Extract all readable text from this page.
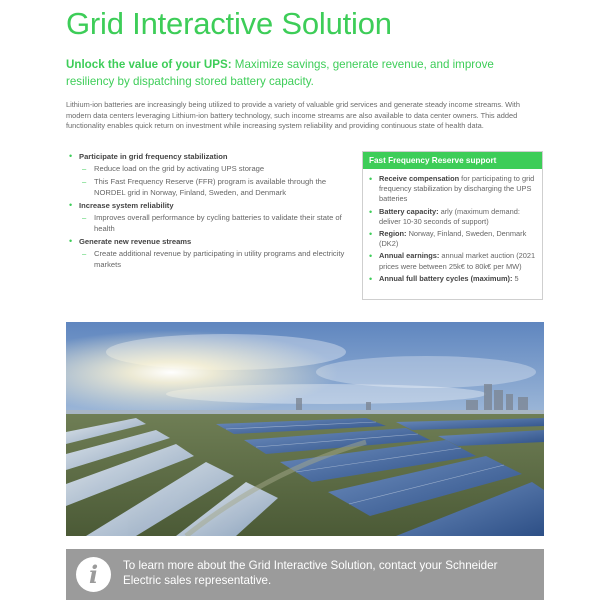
Grid Interactive Solution
Unlock the value of your UPS: Maximize savings, generate revenue, and improve resiliency by dispatching stored battery capacity.

Lithium-ion batteries are increasingly being utilized to provide a variety of valuable grid services and generate steady income streams. With modern data centers leveraging Lithium-ion battery technology, such income streams are also available to data center owners. This added functionality enables quick return on investment while increasing system reliability and providing continuous state of health data.

• Participate in grid frequency stabilization
– Reduce load on the grid by activating UPS storage
– This Fast Frequency Reserve (FFR) program is available through the NORDEL grid in Norway, Finland, Sweden, and Denmark
• Increase system reliability
– Improves overall performance by cycling batteries to validate their state of health
• Generate new revenue streams
– Create additional revenue by participating in utility programs and electricity markets
Fast Frequency Reserve support
• Receive compensation for participating to grid frequency stabilization by discharging the UPS batteries
• Battery capacity: arly (maximum demand: deliver 10-30 seconds of support)
• Region: Norway, Finland, Sweden, Denmark (DK2)
• Annual earnings: annual market auction (2021 prices were between 25k€ to 80k€ per MW)
• Annual full battery cycles (maximum): 5
i	To learn more about the Grid Interactive Solution, contact your Schneider Electric sales representative.
